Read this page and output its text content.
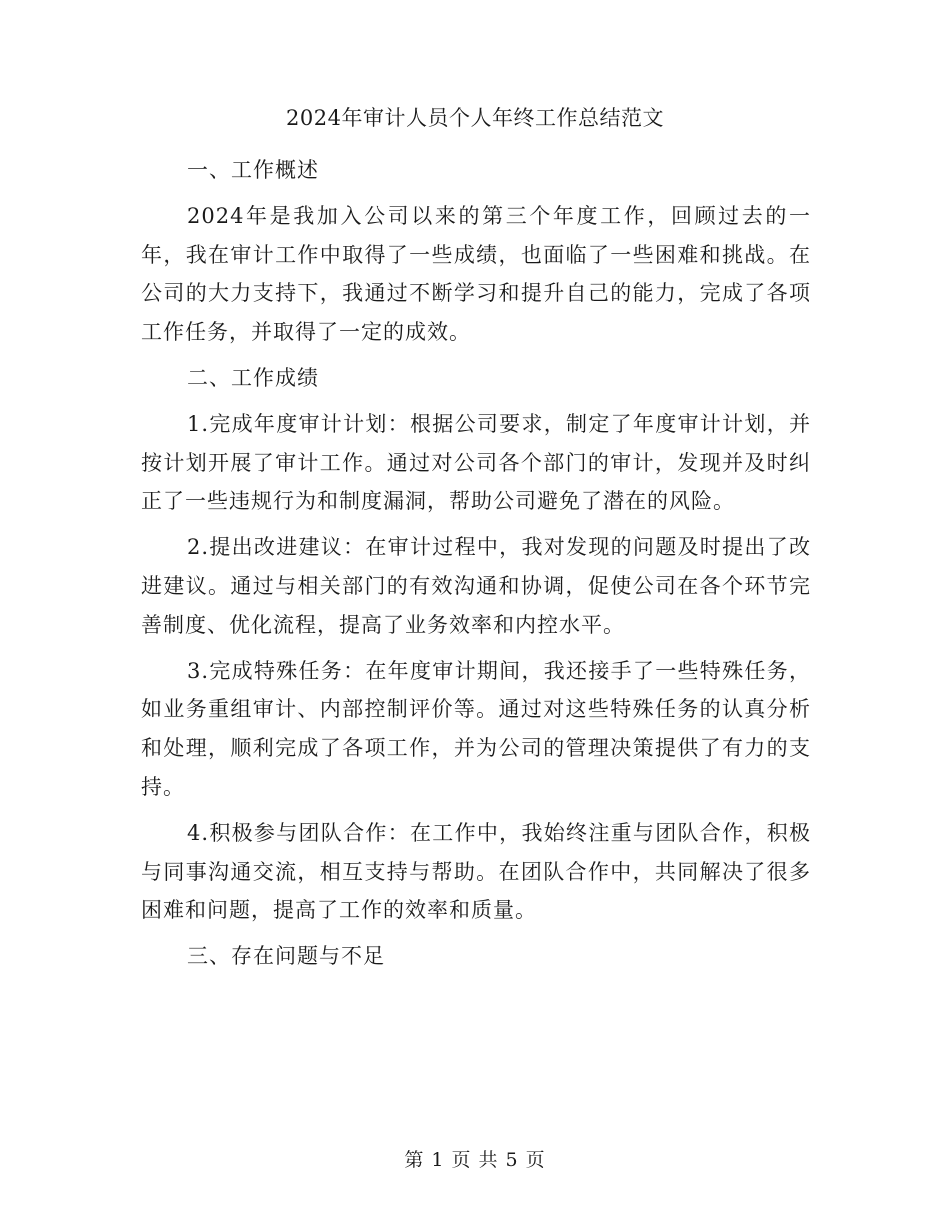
2024年审计人员个人年终工作总结范文

一、工作概述

2024年是我加入公司以来的第三个年度工作，回顾过去的一年，我在审计工作中取得了一些成绩，也面临了一些困难和挑战。在公司的大力支持下，我通过不断学习和提升自己的能力，完成了各项工作任务，并取得了一定的成效。

二、工作成绩

1.完成年度审计计划：根据公司要求，制定了年度审计计划，并按计划开展了审计工作。通过对公司各个部门的审计，发现并及时纠正了一些违规行为和制度漏洞，帮助公司避免了潜在的风险。

2.提出改进建议：在审计过程中，我对发现的问题及时提出了改进建议。通过与相关部门的有效沟通和协调，促使公司在各个环节完善制度、优化流程，提高了业务效率和内控水平。

3.完成特殊任务：在年度审计期间，我还接手了一些特殊任务，如业务重组审计、内部控制评价等。通过对这些特殊任务的认真分析和处理，顺利完成了各项工作，并为公司的管理决策提供了有力的支持。

4.积极参与团队合作：在工作中，我始终注重与团队合作，积极与同事沟通交流，相互支持与帮助。在团队合作中，共同解决了很多困难和问题，提高了工作的效率和质量。

三、存在问题与不足

第 1 页 共 5 页
